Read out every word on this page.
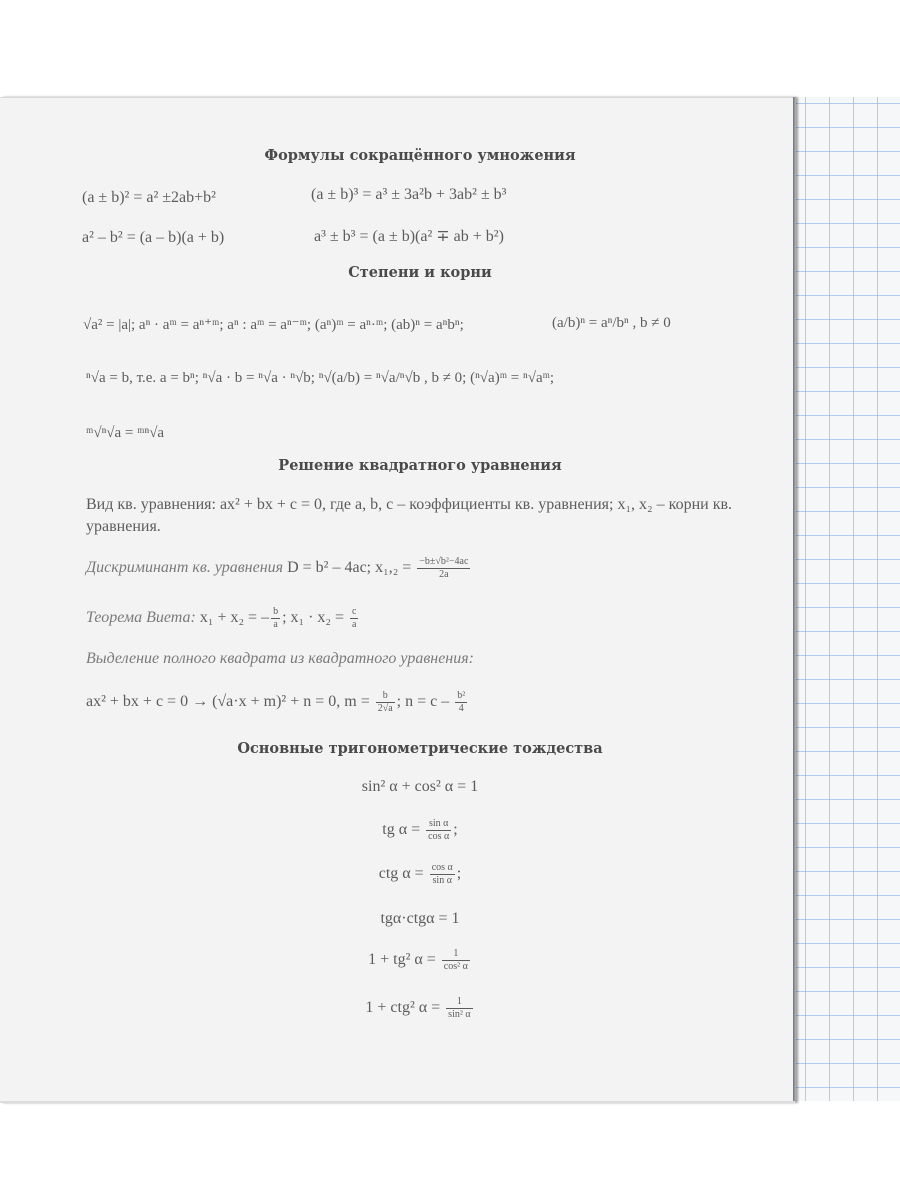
Формулы сокращённого умножения
(a ± b)² = a² ±2ab+b²	(a ± b)³ = a³ ± 3a²b + 3ab² ± b³
a² – b² = (a – b)(a + b)	a³ ± b³ = (a ± b)(a² ∓ ab + b²)
Степени и корни
√a² = |a|; aⁿ · aᵐ = aⁿ⁺ᵐ; aⁿ : aᵐ = aⁿ⁻ᵐ; (aⁿ)ᵐ = aⁿ·ᵐ; (ab)ⁿ = aⁿbⁿ;	(a/b)ⁿ = aⁿ/bⁿ , b ≠ 0
ⁿ√a = b, т.е. a = bⁿ; ⁿ√a · b = ⁿ√a · ⁿ√b; ⁿ√(a/b) = ⁿ√a/ⁿ√b , b ≠ 0; (ⁿ√a)ᵐ = ⁿ√aᵐ;
ᵐ√ⁿ√a = ᵐⁿ√a
Решение квадратного уравнения
Вид кв. уравнения: ax² + bx + c = 0, где a, b, c – коэффициенты кв. уравнения; x₁, x₂ – корни кв. уравнения.
Дискриминант кв. уравнения D = b² – 4ac; $x_1,_2 = \frac{\text{−b±√b²−4ac}}{2a}$
Теорема Виета: x₁ + x₂ = – $\frac{b}{a}$ ; $x_1 \cdot x_2 = \frac{c}{a}$
Выделение полного квадрата из квадратного уравнения:
ax² + bx + c = 0 → (√a·x + m)² + n = 0, $m = \frac{b}{2√a}$ ; $n = c - \frac{\text{b²}}{4}$
Основные тригонометрические тождества
sin² α + cos² α = 1
tg $\alpha = \frac{\text{sin α}}{\text{cos α}}$ ;
ctg $\alpha = \frac{\text{cos α}}{\text{sin α}}$ ;
tgα·ctgα = 1
1 + tg² $\alpha = \frac{1}{\text{cos² α}}$
1 + ctg² $\alpha = \frac{1}{\text{sin² α}}$
